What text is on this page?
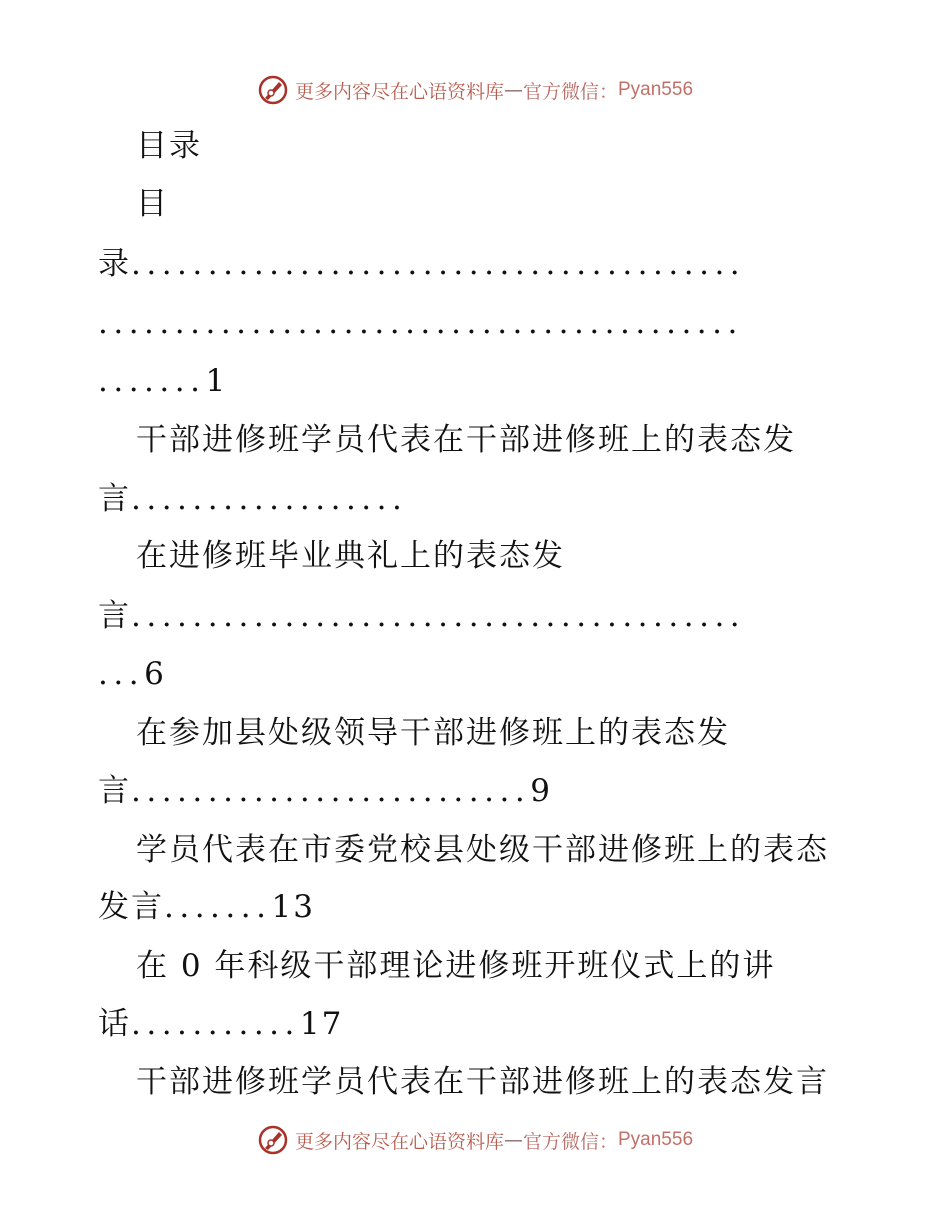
更多内容尽在心语资料库 — 官方微信： Pyan556
目录
目
录........................................
..........................................
.......1
干部进修班学员代表在干部进修班上的表态发
言..................
在进修班毕业典礼上的表态发
言........................................
...6
在参加县处级领导干部进修班上的表态发
言..........................9
学员代表在市委党校县处级干部进修班上的表态
发言.......13
在 0 年科级干部理论进修班开班仪式上的讲
话...........17
干部进修班学员代表在干部进修班上的表态发言
更多内容尽在心语资料库 — 官方微信： Pyan556
